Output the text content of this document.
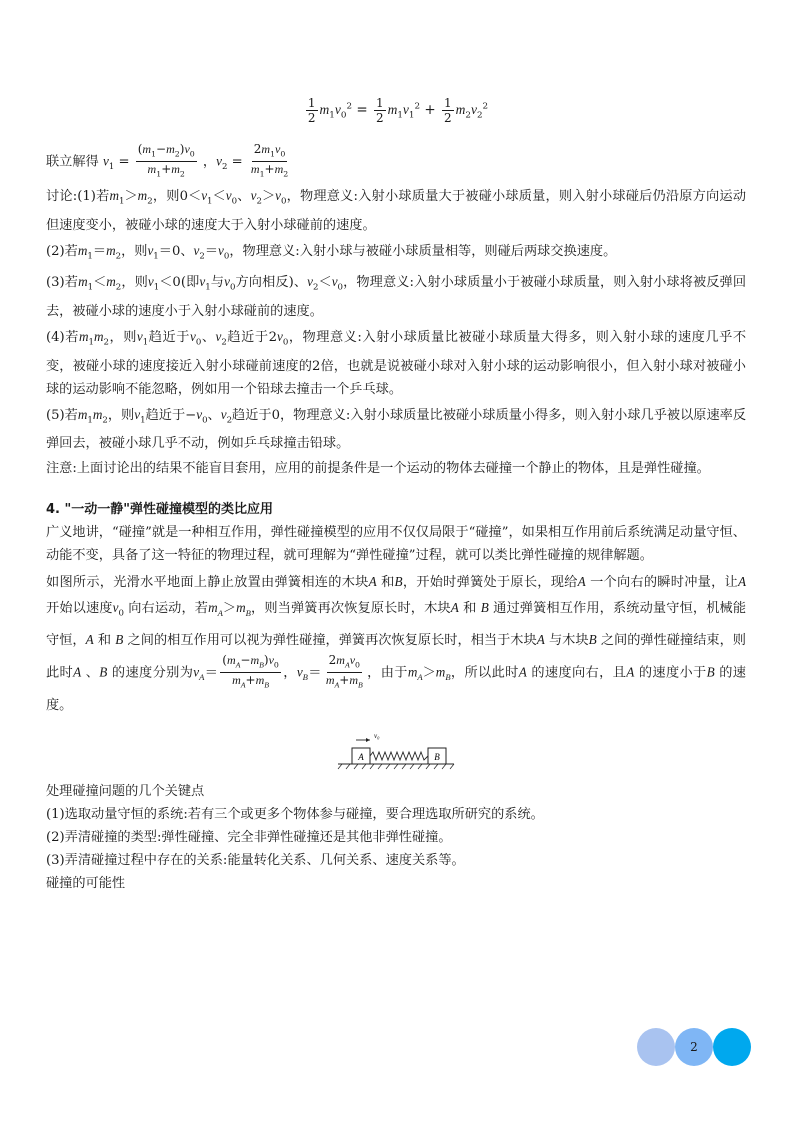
$\frac{1}{2} m_1v_0^2 = \frac{1}{2} m_1v_1^2 + \frac{1}{2} m_2v_2^2$

联立解得 $v_1 = \frac{(m_1-m_2)v_0}{m_1+m_2}$ ，$v_2 = \frac{2m_1v_0}{m_1+m_2}$

讨论:(1)若$m_1>m_2$，则$0<v_1<v_0$、$v_2>v_0$，物理意义:入射小球质量大于被碰小球质量，则入射小球碰后仍沿原方向运动但速度变小，被碰小球的速度大于入射小球碰前的速度。

(2)若$m_1=m_2$，则$v_1=0$、$v_2=v_0$，物理意义:入射小球与被碰小球质量相等，则碰后两球交换速度。

(3)若$m_1<m_2$，则$v_1<0$(即$v_1$与$v_0$方向相反)、$v_2<v_0$，物理意义:入射小球质量小于被碰小球质量，则入射小球将被反弹回去，被碰小球的速度小于入射小球碰前的速度。

(4)若$m_1m_2$，则$v_1$趋近于$v_0$、$v_2$趋近于$2v_0$，物理意义:入射小球质量比被碰小球质量大得多，则入射小球的速度几乎不变，被碰小球的速度接近入射小球碰前速度的2倍，也就是说被碰小球对入射小球的运动影响很小，但入射小球对被碰小球的运动影响不能忽略，例如用一个铅球去撞击一个乒乓球。

(5)若$m_1m_2$，则$v_1$趋近于$-v_0$、$v_2$趋近于0，物理意义:入射小球质量比被碰小球质量小得多，则入射小球几乎被以原速率反弹回去，被碰小球几乎不动，例如乒乓球撞击铅球。

注意:上面讨论出的结果不能盲目套用，应用的前提条件是一个运动的物体去碰撞一个静止的物体，且是弹性碰撞。

4. "一动一静"弹性碰撞模型的类比应用

广义地讲，“碰撞”就是一种相互作用，弹性碰撞模型的应用不仅仅局限于“碰撞”，如果相互作用前后系统满足动量守恒、动能不变，具备了这一特征的物理过程，就可理解为“弹性碰撞”过程，就可以类比弹性碰撞的规律解题。

如图所示，光滑水平地面上静止放置由弹簧相连的木块A 和B，开始时弹簧处于原长，现给A 一个向右的瞬时冲量，让A 开始以速度$v_0$ 向右运动，若$m_A>m_B$，则当弹簧再次恢复原长时，木块A 和 B 通过弹簧相互作用，系统动量守恒，机械能守恒，A 和 B 之间的相互作用可以视为弹性碰撞，弹簧再次恢复原长时，相当于木块A 与木块B 之间的弹性碰撞结束，则此时A 、B 的速度分别为$v_A= \frac{(m_A-m_B)v_0}{m_A+m_B}$ ，$v_B= \frac{2m_Av_0}{m_A+m_B}$ ，由于$m_A>m_B$，所以此时A 的速度向右，且A 的速度小于B 的速度。

A	B
v₀

处理碰撞问题的几个关键点

(1)选取动量守恒的系统:若有三个或更多个物体参与碰撞，要合理选取所研究的系统。

(2)弄清碰撞的类型:弹性碰撞、完全非弹性碰撞还是其他非弹性碰撞。

(3)弄清碰撞过程中存在的关系:能量转化关系、几何关系、速度关系等。

碰撞的可能性

2
